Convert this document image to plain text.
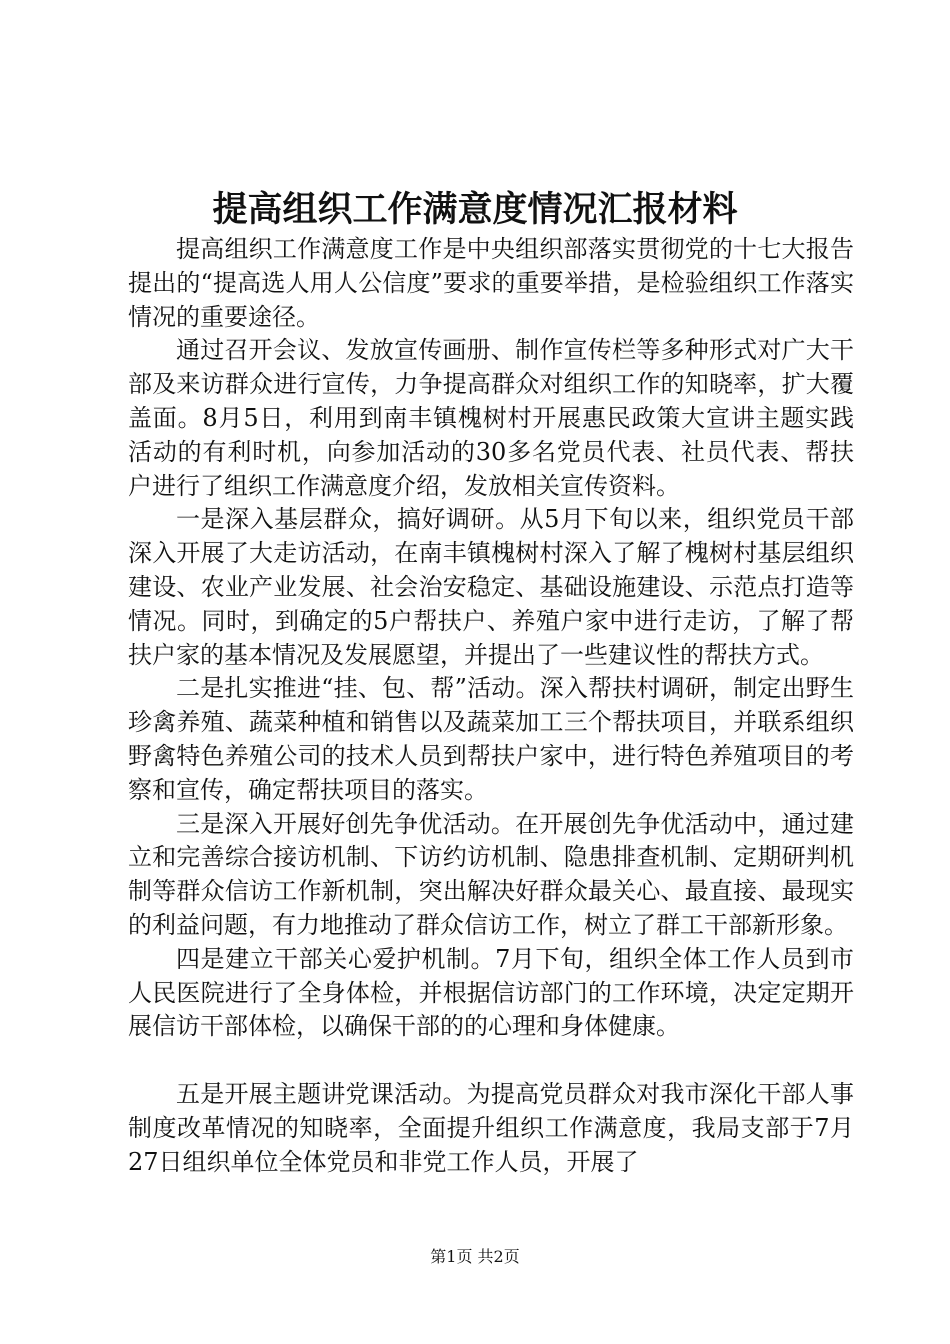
提高组织工作满意度情况汇报材料

提高组织工作满意度工作是中央组织部落实贯彻党的十七大报告提出的“提高选人用人公信度”要求的重要举措，是检验组织工作落实情况的重要途径。

通过召开会议、发放宣传画册、制作宣传栏等多种形式对广大干部及来访群众进行宣传，力争提高群众对组织工作的知晓率，扩大覆盖面。8月5日，利用到南丰镇槐树村开展惠民政策大宣讲主题实践活动的有利时机，向参加活动的30多名党员代表、社员代表、帮扶户进行了组织工作满意度介绍，发放相关宣传资料。

一是深入基层群众，搞好调研。从5月下旬以来，组织党员干部深入开展了大走访活动，在南丰镇槐树村深入了解了槐树村基层组织建设、农业产业发展、社会治安稳定、基础设施建设、示范点打造等情况。同时，到确定的5户帮扶户、养殖户家中进行走访，了解了帮扶户家的基本情况及发展愿望，并提出了一些建议性的帮扶方式。

二是扎实推进“挂、包、帮”活动。深入帮扶村调研，制定出野生珍禽养殖、蔬菜种植和销售以及蔬菜加工三个帮扶项目，并联系组织野禽特色养殖公司的技术人员到帮扶户家中，进行特色养殖项目的考察和宣传，确定帮扶项目的落实。

三是深入开展好创先争优活动。在开展创先争优活动中，通过建立和完善综合接访机制、下访约访机制、隐患排查机制、定期研判机制等群众信访工作新机制，突出解决好群众最关心、最直接、最现实的利益问题，有力地推动了群众信访工作，树立了群工干部新形象。

四是建立干部关心爱护机制。7月下旬，组织全体工作人员到市人民医院进行了全身体检，并根据信访部门的工作环境，决定定期开展信访干部体检，以确保干部的的心理和身体健康。

五是开展主题讲党课活动。为提高党员群众对我市深化干部人事制度改革情况的知晓率，全面提升组织工作满意度，我局支部于7月27日组织单位全体党员和非党工作人员，开展了

第1页 共2页
